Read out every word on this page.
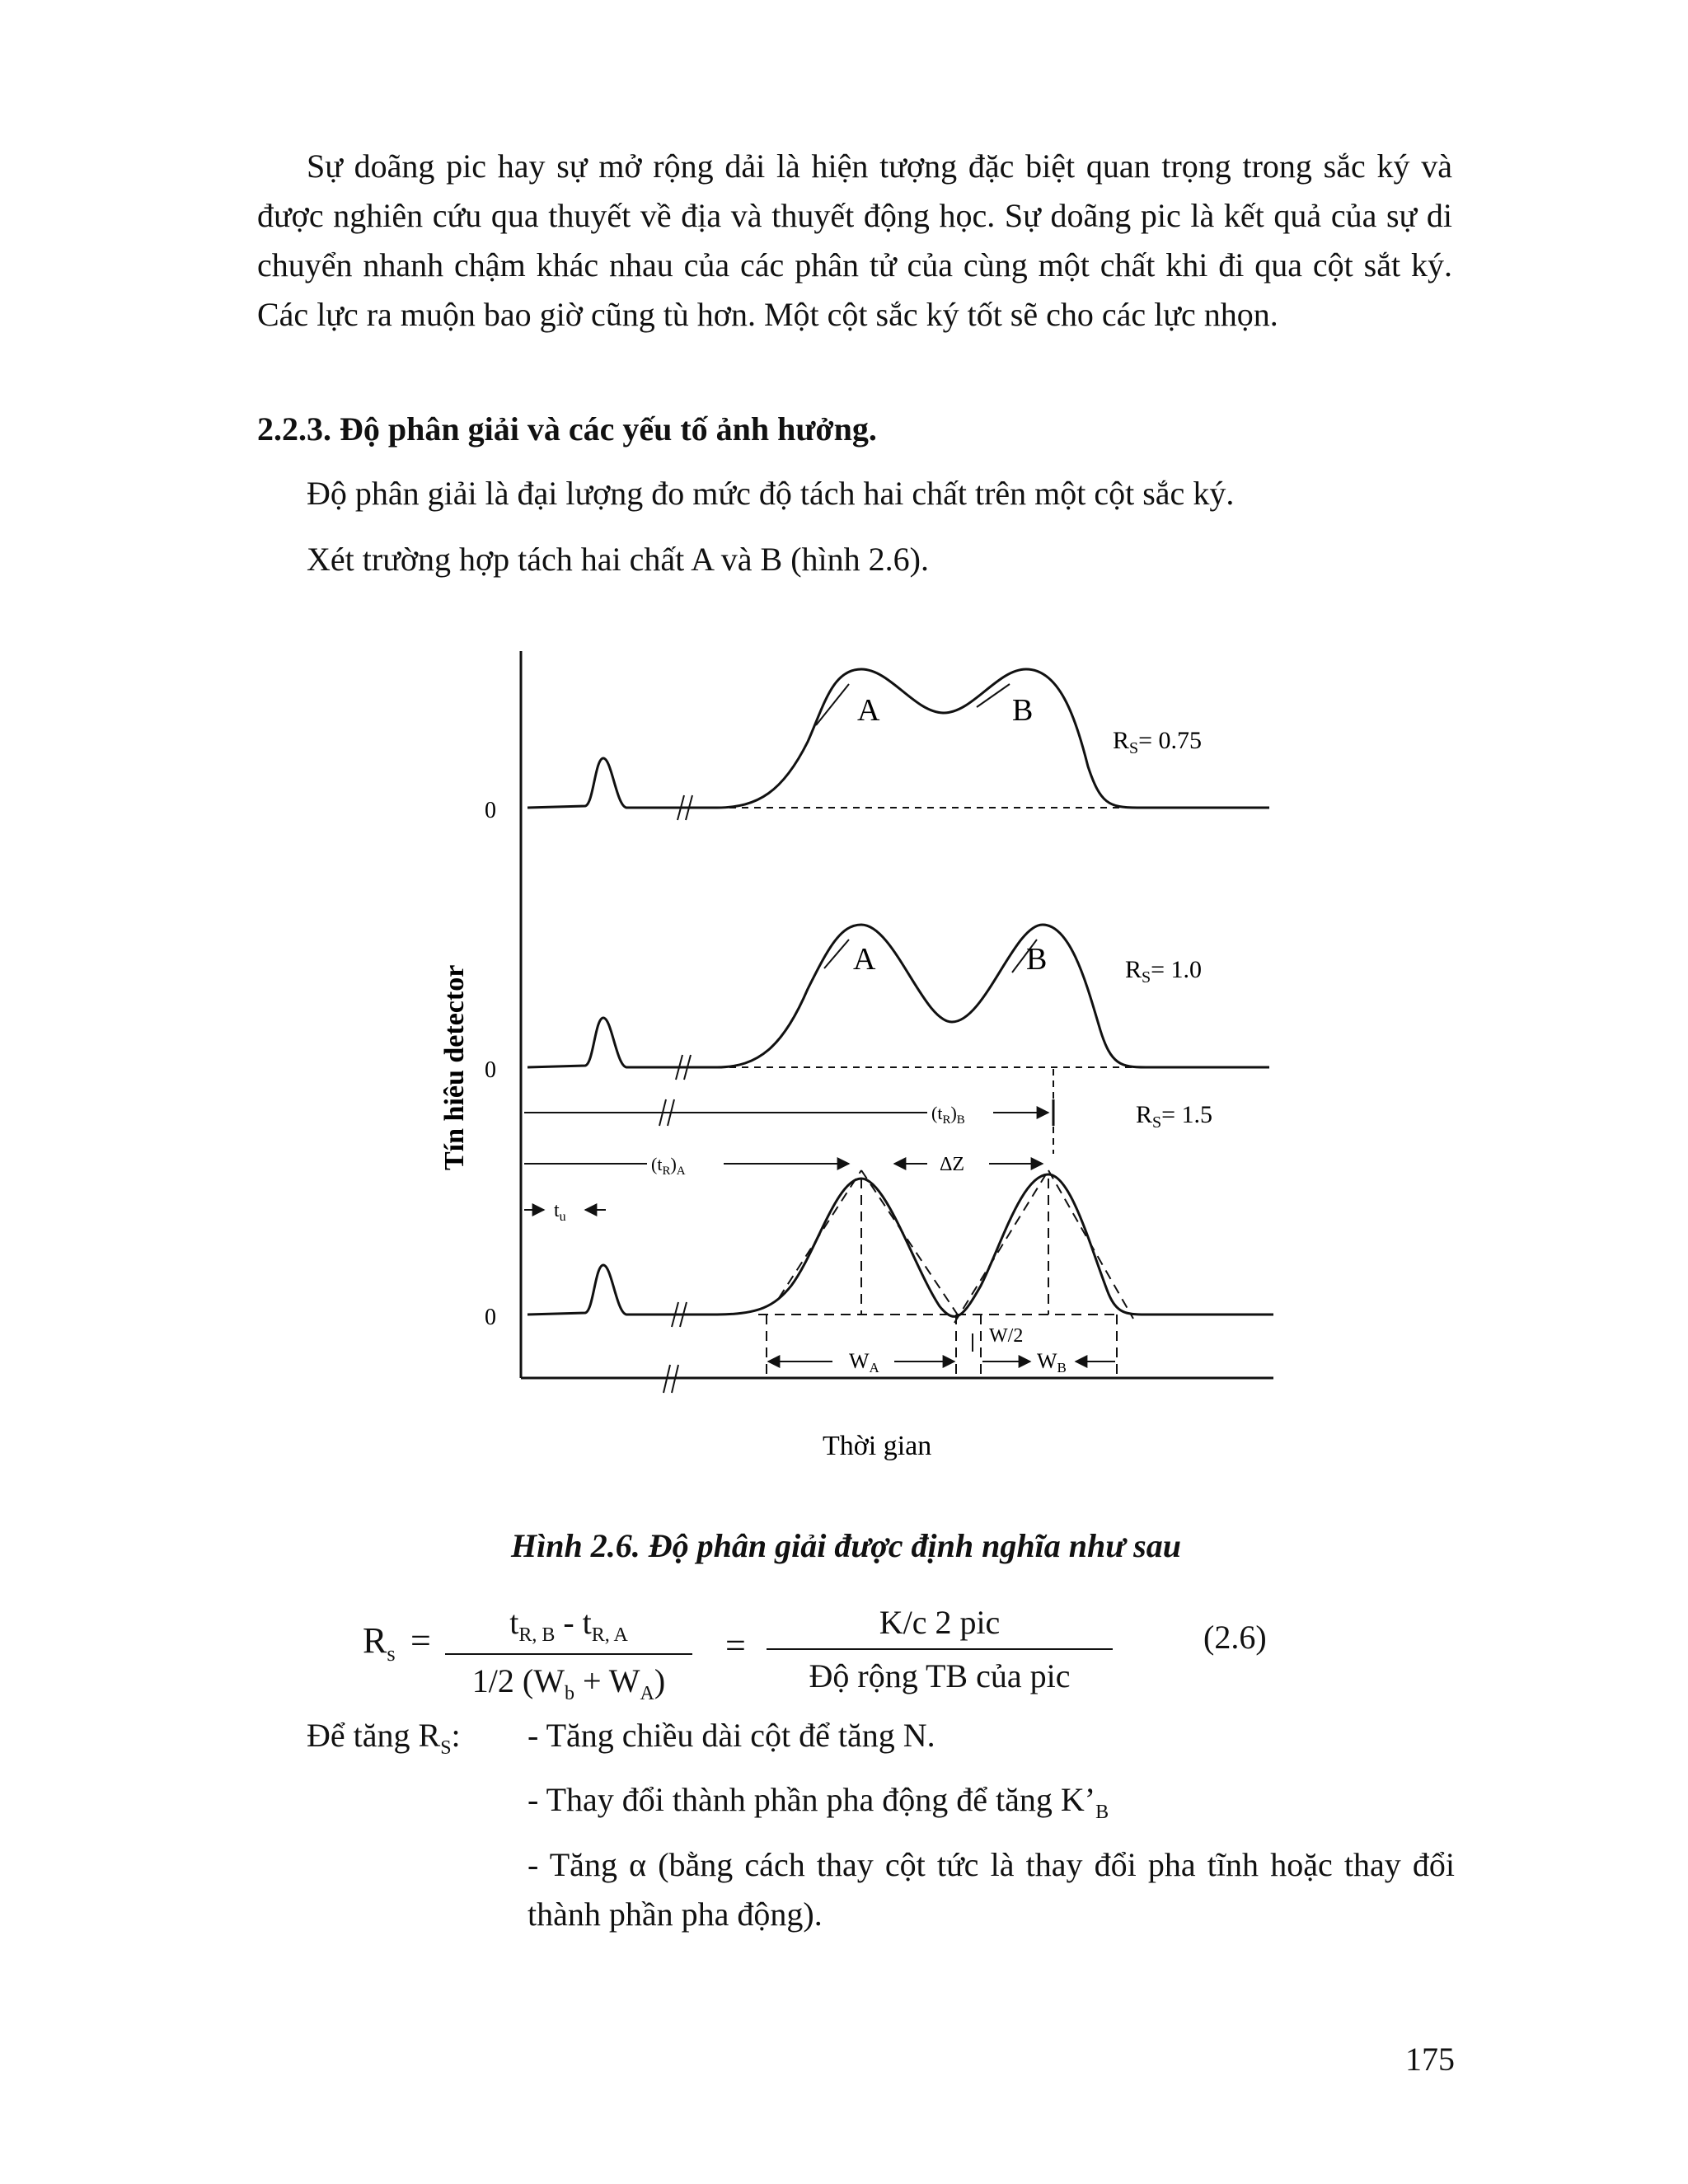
Sự doãng pic hay sự mở rộng dải là hiện tượng đặc biệt quan trọng trong sắc ký và được nghiên cứu qua thuyết về địa và thuyết động học. Sự doãng pic là kết quả của sự di chuyển nhanh chậm khác nhau của các phân tử của cùng một chất khi đi qua cột sắt ký. Các lực ra muộn bao giờ cũng tù hơn. Một cột sắc ký tốt sẽ cho các lực nhọn.
2.2.3. Độ phân giải và các yếu tố ảnh hưởng.
Độ phân giải là đại lượng đo mức độ tách hai chất trên một cột sắc ký.
Xét trường hợp tách hai chất A và B (hình 2.6).
0
A	B
$R_S= 0.75$
0
A	B	$R_S= 1.0$
$(t_R)_B$
$(t_R)_A$	ΔZ
$t_u$
$R_S= 1.5$
0
WA
W/2
WB
Tín hiêu detector
Thời gian
Hình 2.6. Độ phân giải được định nghĩa như sau
$R_s = \frac{t_{R, B} - t_{R, A}}{1/2 (W_b + W_A)}$ =
K/c 2 pic
Độ rộng TB của pic
(2.6)
Để tăng $R_S$: - Tăng chiều dài cột để tăng N.
- Thay đổi thành phần pha động để tăng $K’_B$
- Tăng α (bằng cách thay cột tức là thay đổi pha tĩnh hoặc thay đổi thành phần pha động).
175
